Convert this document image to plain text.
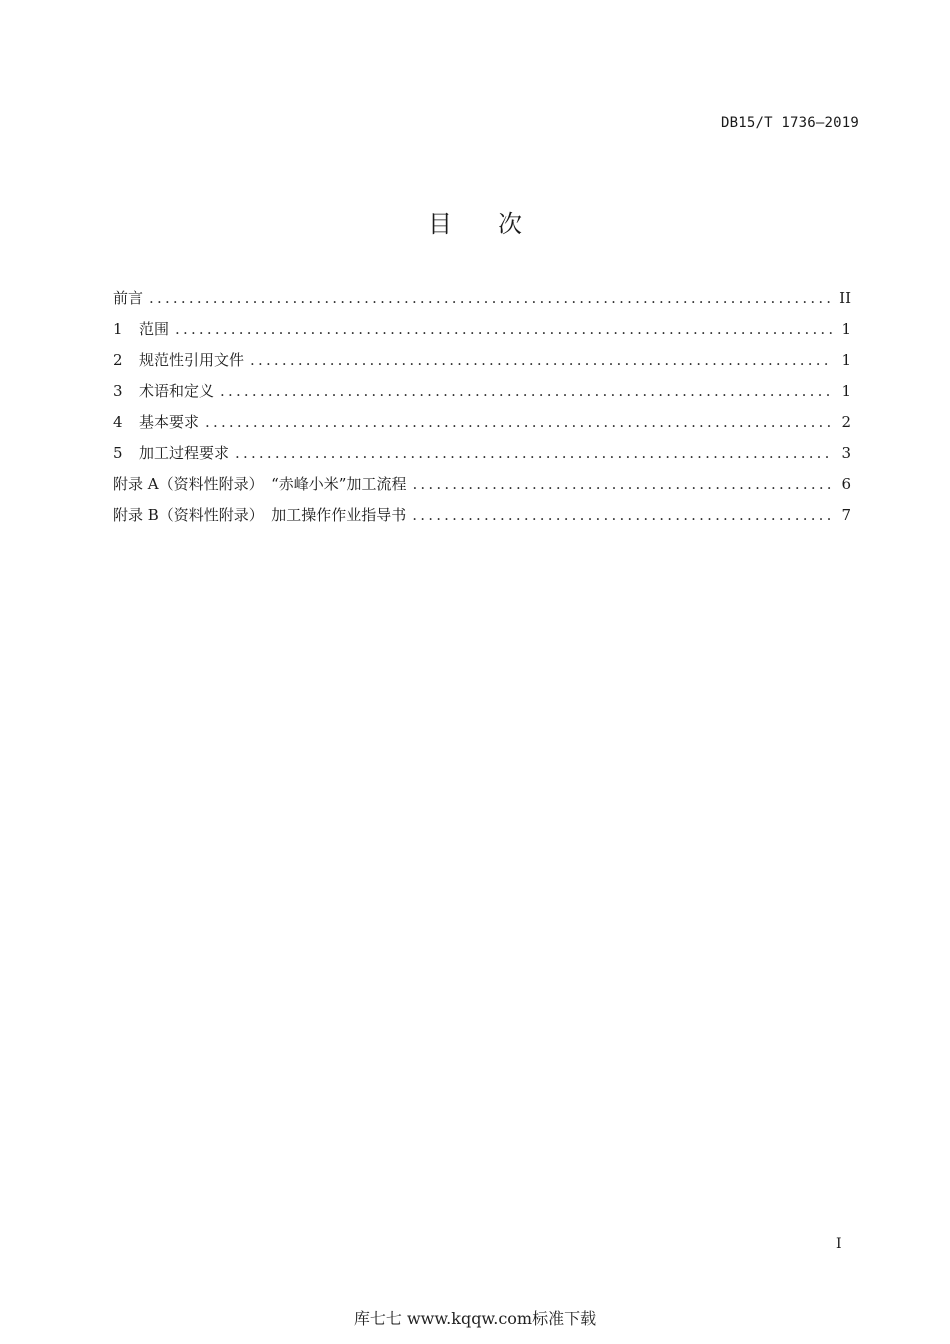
DB15/T 1736—2019
目次
前言 .....	II
1	范围 .....	1
2	规范性引用文件 .....	1
3	术语和定义 .....	1
4	基本要求 .....	2
5	加工过程要求 .....	3
附录 A（资料性附录）　“赤峰小米”加工流程 .....	6
附录 B（资料性附录）　加工操作作业指导书 .....	7
I
库七七 www.kqqw.com标准下载
